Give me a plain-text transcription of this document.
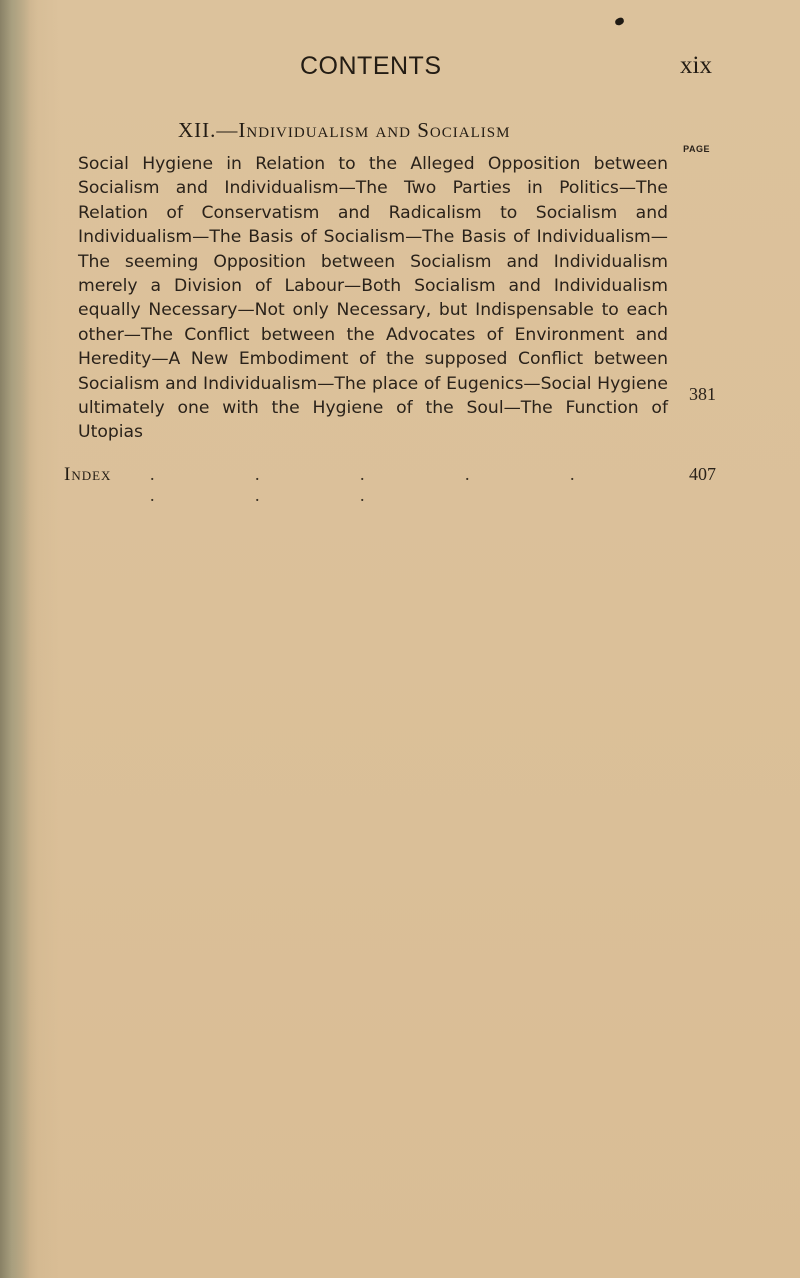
CONTENTS	xix
XII.—Individualism and Socialism
PAGE
Social Hygiene in Relation to the Alleged Opposition between Socialism and Individualism—The Two Parties in Politics—The Relation of Conservatism and Radicalism to Socialism and Individualism—The Basis of Socialism—The Basis of Individualism—The seeming Opposition between Socialism and Individualism merely a Division of Labour—Both Socialism and Individualism equally Necessary—Not only Necessary, but Indispensable to each other—The Conflict between the Advocates of Environment and Heredity—A New Embodiment of the supposed Conflict between Socialism and Individualism—The place of Eugenics—Social Hygiene ultimately one with the Hygiene of the Soul—The Function of Utopias
381
Index . . . . . . . .
407
